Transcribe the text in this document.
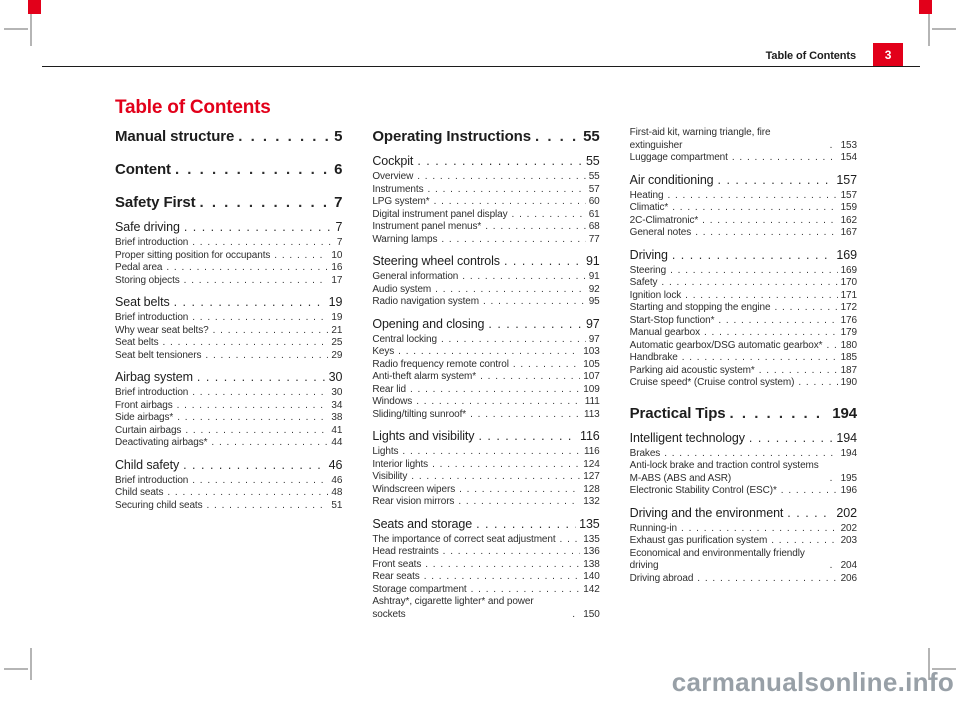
Table of Contents	3
Table of Contents
Manual structure . . .	5
Content . . .	6
Safety First . . .	7
Safe driving . . .	7
Brief introduction . . .	7
Proper sitting position for occupants . . .	10
Pedal area . . .	16
Storing objects . . .	17
Seat belts . . .	19
Brief introduction . . .	19
Why wear seat belts? . . .	21
Seat belts . . .	25
Seat belt tensioners . . .	29
Airbag system . . .	30
Brief introduction . . .	30
Front airbags . . .	34
Side airbags* . . .	38
Curtain airbags . . .	41
Deactivating airbags* . . .	44
Child safety . . .	46
Brief introduction . . .	46
Child seats . . .	48
Securing child seats . . .	51
Operating Instructions . . .	55
Cockpit . . .	55
Overview . . .	55
Instruments . . .	57
LPG system* . . .	60
Digital instrument panel display . . .	61
Instrument panel menus* . . .	68
Warning lamps . . .	77
Steering wheel controls . . .	91
General information . . .	91
Audio system . . .	92
Radio navigation system . . .	95
Opening and closing . . .	97
Central locking . . .	97
Keys . . .	103
Radio frequency remote control . . .	105
Anti-theft alarm system* . . .	107
Rear lid . . .	109
Windows . . .	111
Sliding/tilting sunroof* . . .	113
Lights and visibility . . .	116
Lights . . .	116
Interior lights . . .	124
Visibility . . .	127
Windscreen wipers . . .	128
Rear vision mirrors . . .	132
Seats and storage . . .	135
The importance of correct seat adjustment . . .	135
Head restraints . . .	136
Front seats . . .	138
Rear seats . . .	140
Storage compartment . . .	142
Ashtray*, cigarette lighter* and power sockets . . .	150
First-aid kit, warning triangle, fire extinguisher . . .	153
Luggage compartment . . .	154
Air conditioning . . .	157
Heating . . .	157
Climatic* . . .	159
2C-Climatronic* . . .	162
General notes . . .	167
Driving . . .	169
Steering . . .	169
Safety . . .	170
Ignition lock . . .	171
Starting and stopping the engine . . .	172
Start-Stop function* . . .	176
Manual gearbox . . .	179
Automatic gearbox/DSG automatic gearbox* . . . 180
Handbrake . . .	185
Parking aid acoustic system* . . .	187
Cruise speed* (Cruise control system) . . .	190
Practical Tips . . .	194
Intelligent technology . . .	194
Brakes . . .	194
Anti-lock brake and traction control systems M-ABS (ABS and ASR) . . .	195
Electronic Stability Control (ESC)* . . .	196
Driving and the environment . . .	202
Running-in . . .	202
Exhaust gas purification system . . .	203
Economical and environmentally friendly driving . . .	204
Driving abroad . . .	206
carmanualsonline.info
